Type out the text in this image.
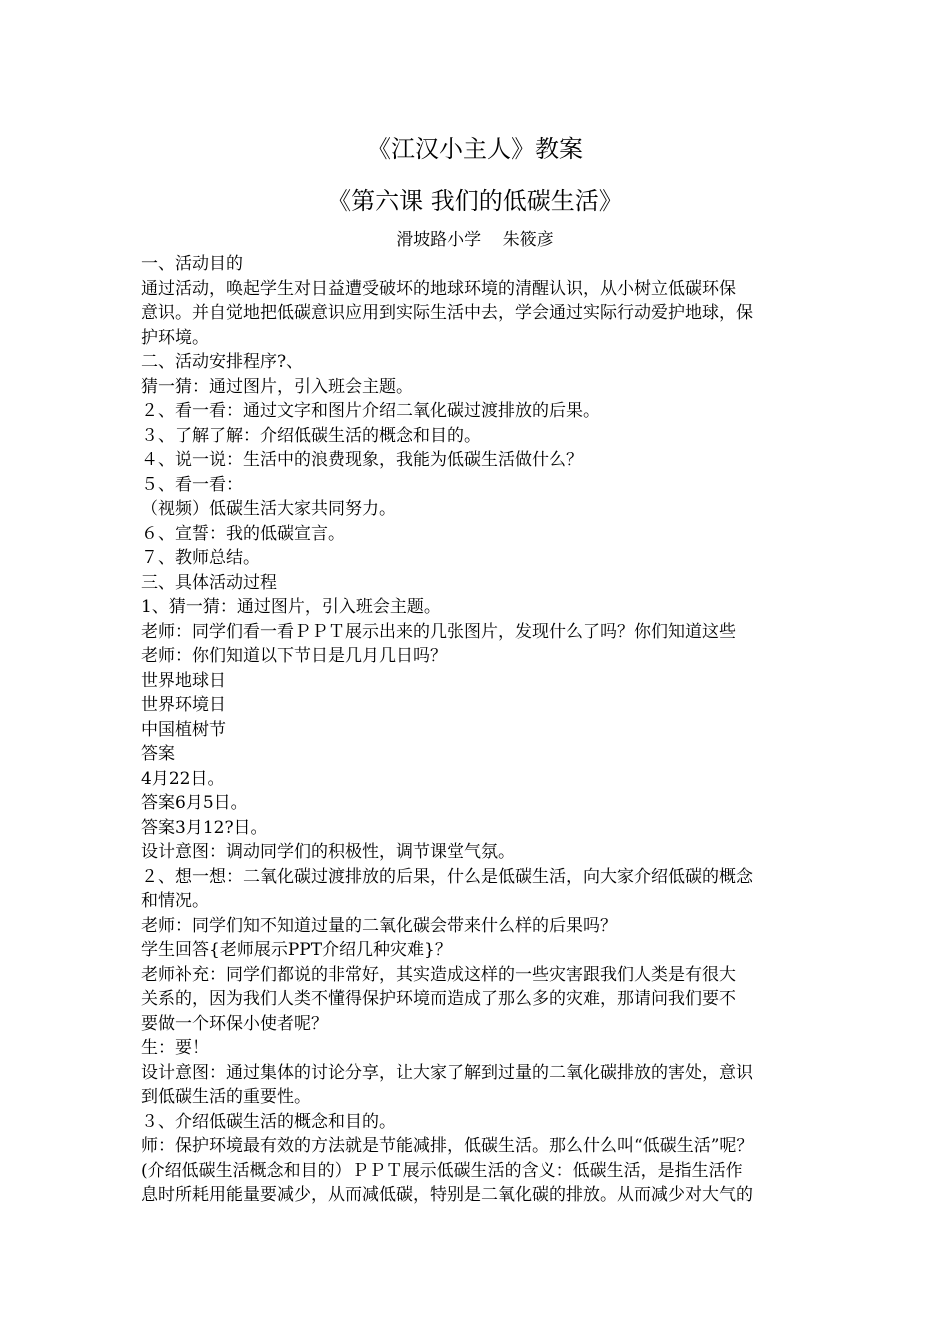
《江汉小主人》教案
《第六课 我们的低碳生活》
滑坡路小学    朱筱彦
一、活动目的
通过活动，唤起学生对日益遭受破坏的地球环境的清醒认识，从小树立低碳环保
意识。并自觉地把低碳意识应用到实际生活中去，学会通过实际行动爱护地球，保
护环境。
二、活动安排程序?、
猜一猜：通过图片，引入班会主题。
２、看一看：通过文字和图片介绍二氧化碳过渡排放的后果。
３、了解了解：介绍低碳生活的概念和目的。
４、说一说：生活中的浪费现象，我能为低碳生活做什么？
５、看一看：
（视频）低碳生活大家共同努力。
６、宣誓：我的低碳宣言。
７、教师总结。
三、具体活动过程
1、猜一猜：通过图片，引入班会主题。
老师：同学们看一看ＰＰＴ展示出来的几张图片，发现什么了吗？你们知道这些
老师：你们知道以下节日是几月几日吗？
世界地球日
世界环境日
中国植树节
答案
4月22日。
答案6月5日。
答案3月12?日。
设计意图：调动同学们的积极性，调节课堂气氛。
２、想一想：二氧化碳过渡排放的后果，什么是低碳生活，向大家介绍低碳的概念
和情况。
老师：同学们知不知道过量的二氧化碳会带来什么样的后果吗？
学生回答{老师展示PPT介绍几种灾难}？
老师补充：同学们都说的非常好，其实造成这样的一些灾害跟我们人类是有很大
关系的，因为我们人类不懂得保护环境而造成了那么多的灾难，那请问我们要不
要做一个环保小使者呢？
生：要！
设计意图：通过集体的讨论分享，让大家了解到过量的二氧化碳排放的害处，意识
到低碳生活的重要性。
３、介绍低碳生活的概念和目的。
师：保护环境最有效的方法就是节能减排，低碳生活。那么什么叫“低碳生活”呢？
(介绍低碳生活概念和目的）ＰＰＴ展示低碳生活的含义：低碳生活，是指生活作
息时所耗用能量要减少，从而减低碳，特别是二氧化碳的排放。从而减少对大气的
